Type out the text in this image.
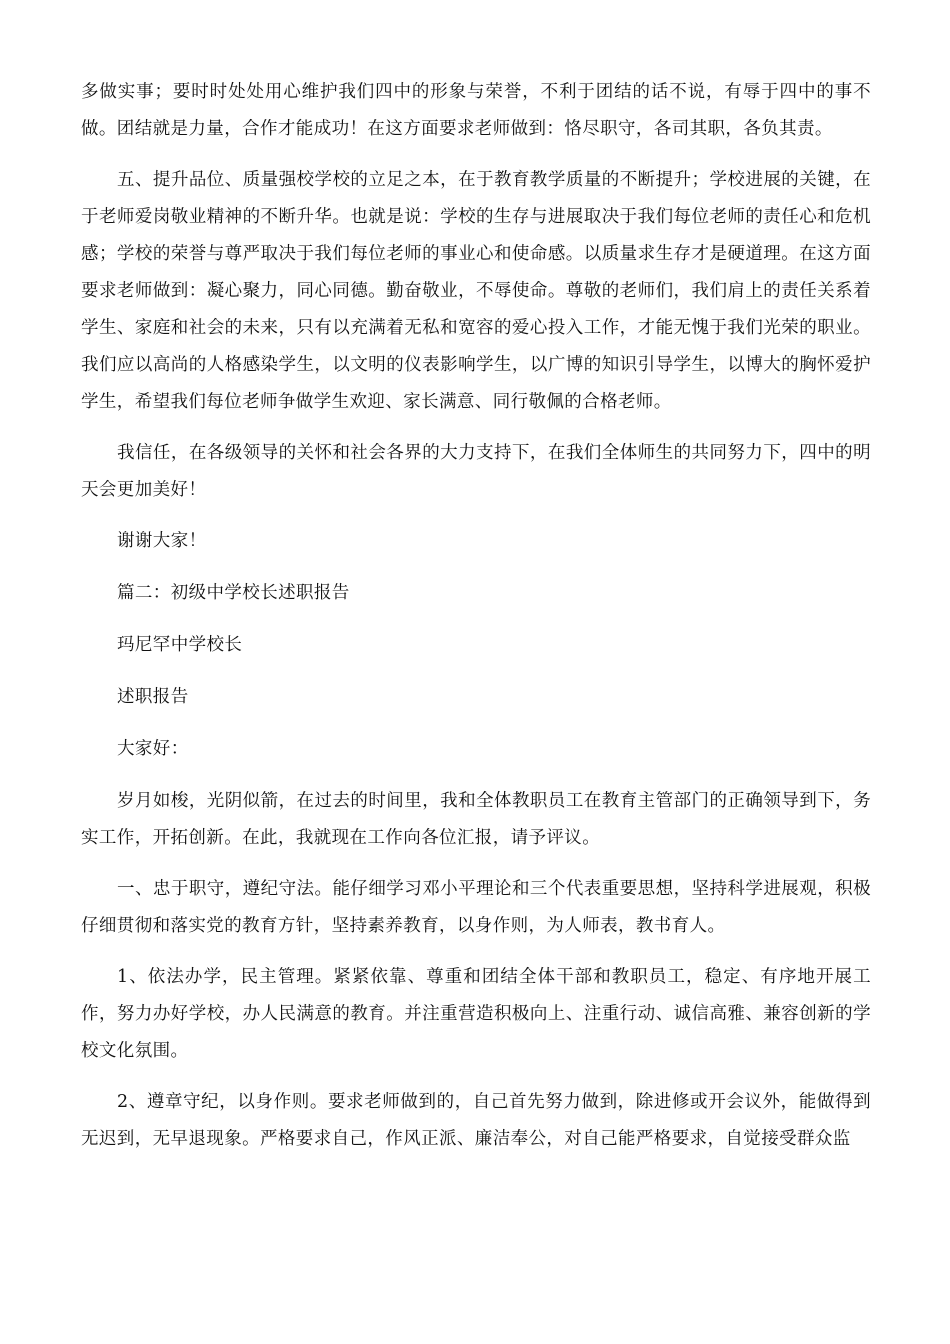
多做实事；要时时处处用心维护我们四中的形象与荣誉，不利于团结的话不说，有辱于四中的事不做。团结就是力量，合作才能成功！在这方面要求老师做到：恪尽职守，各司其职，各负其责。

五、提升品位、质量强校学校的立足之本，在于教育教学质量的不断提升；学校进展的关键，在于老师爱岗敬业精神的不断升华。也就是说：学校的生存与进展取决于我们每位老师的责任心和危机感；学校的荣誉与尊严取决于我们每位老师的事业心和使命感。以质量求生存才是硬道理。在这方面要求老师做到：凝心聚力，同心同德。勤奋敬业，不辱使命。尊敬的老师们，我们肩上的责任关系着学生、家庭和社会的未来，只有以充满着无私和宽容的爱心投入工作，才能无愧于我们光荣的职业。我们应以高尚的人格感染学生，以文明的仪表影响学生，以广博的知识引导学生，以博大的胸怀爱护学生，希望我们每位老师争做学生欢迎、家长满意、同行敬佩的合格老师。

我信任，在各级领导的关怀和社会各界的大力支持下，在我们全体师生的共同努力下，四中的明天会更加美好！

谢谢大家！

篇二：初级中学校长述职报告

玛尼罕中学校长

述职报告

大家好：

岁月如梭，光阴似箭，在过去的时间里，我和全体教职员工在教育主管部门的正确领导到下，务实工作，开拓创新。在此，我就现在工作向各位汇报，请予评议。

一、忠于职守，遵纪守法。能仔细学习邓小平理论和三个代表重要思想，坚持科学进展观，积极仔细贯彻和落实党的教育方针，坚持素养教育，以身作则，为人师表，教书育人。

1、依法办学，民主管理。紧紧依靠、尊重和团结全体干部和教职员工，稳定、有序地开展工作，努力办好学校，办人民满意的教育。并注重营造积极向上、注重行动、诚信高雅、兼容创新的学校文化氛围。

2、遵章守纪，以身作则。要求老师做到的，自己首先努力做到，除进修或开会议外，能做得到无迟到，无早退现象。严格要求自己，作风正派、廉洁奉公，对自己能严格要求，自觉接受群众监
